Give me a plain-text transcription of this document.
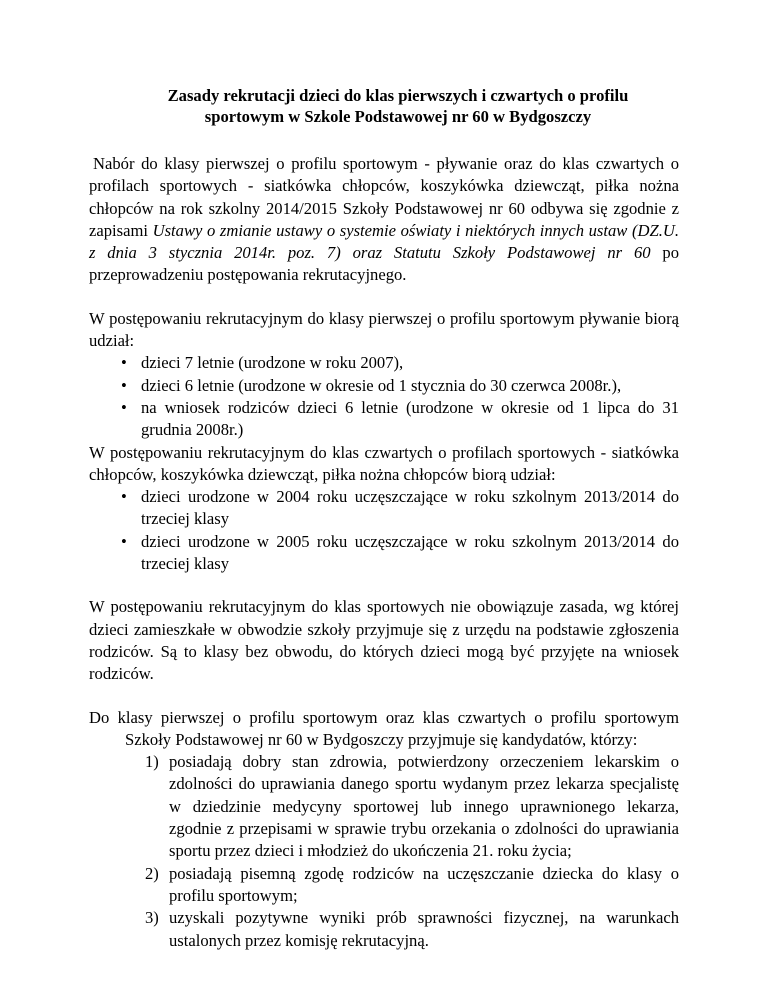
Zasady rekrutacji dzieci do klas pierwszych i czwartych o profilu
sportowym w Szkole Podstawowej nr 60 w Bydgoszczy

Nabór do klasy pierwszej o profilu sportowym - pływanie oraz do klas czwartych o profilach sportowych - siatkówka chłopców, koszykówka dziewcząt, piłka nożna chłopców na rok szkolny 2014/2015 Szkoły Podstawowej nr 60 odbywa się zgodnie z zapisami Ustawy o zmianie ustawy o systemie oświaty i niektórych innych ustaw (DZ.U. z dnia 3 stycznia 2014r. poz. 7) oraz Statutu Szkoły Podstawowej nr 60 po przeprowadzeniu postępowania rekrutacyjnego.

W postępowaniu rekrutacyjnym do klasy pierwszej o profilu sportowym pływanie biorą udział:

• dzieci 7 letnie (urodzone w roku 2007),
• dzieci 6 letnie (urodzone w okresie od 1 stycznia do 30 czerwca 2008r.),
• na wniosek rodziców dzieci 6 letnie (urodzone w okresie od 1 lipca do 31 grudnia 2008r.)

W postępowaniu rekrutacyjnym do klas czwartych o profilach sportowych - siatkówka chłopców, koszykówka dziewcząt, piłka nożna chłopców biorą udział:

• dzieci urodzone w 2004 roku uczęszczające w roku szkolnym 2013/2014 do trzeciej klasy
• dzieci urodzone w 2005 roku uczęszczające w roku szkolnym 2013/2014 do trzeciej klasy

W postępowaniu rekrutacyjnym do klas sportowych nie obowiązuje zasada, wg której dzieci zamieszkałe w obwodzie szkoły przyjmuje się z urzędu na podstawie zgłoszenia rodziców. Są to klasy bez obwodu, do których dzieci mogą być przyjęte na wniosek rodziców.

Do klasy pierwszej o profilu sportowym oraz klas czwartych o profilu sportowym Szkoły Podstawowej nr 60 w Bydgoszczy przyjmuje się kandydatów, którzy:

1) posiadają dobry stan zdrowia, potwierdzony orzeczeniem lekarskim o zdolności do uprawiania danego sportu wydanym przez lekarza specjalistę w dziedzinie medycyny sportowej lub innego uprawnionego lekarza, zgodnie z przepisami w sprawie trybu orzekania o zdolności do uprawiania sportu przez dzieci i młodzież do ukończenia 21. roku życia;
2) posiadają pisemną zgodę rodziców na uczęszczanie dziecka do klasy o profilu sportowym;
3) uzyskali pozytywne wyniki prób sprawności fizycznej, na warunkach ustalonych przez komisję rekrutacyjną.
